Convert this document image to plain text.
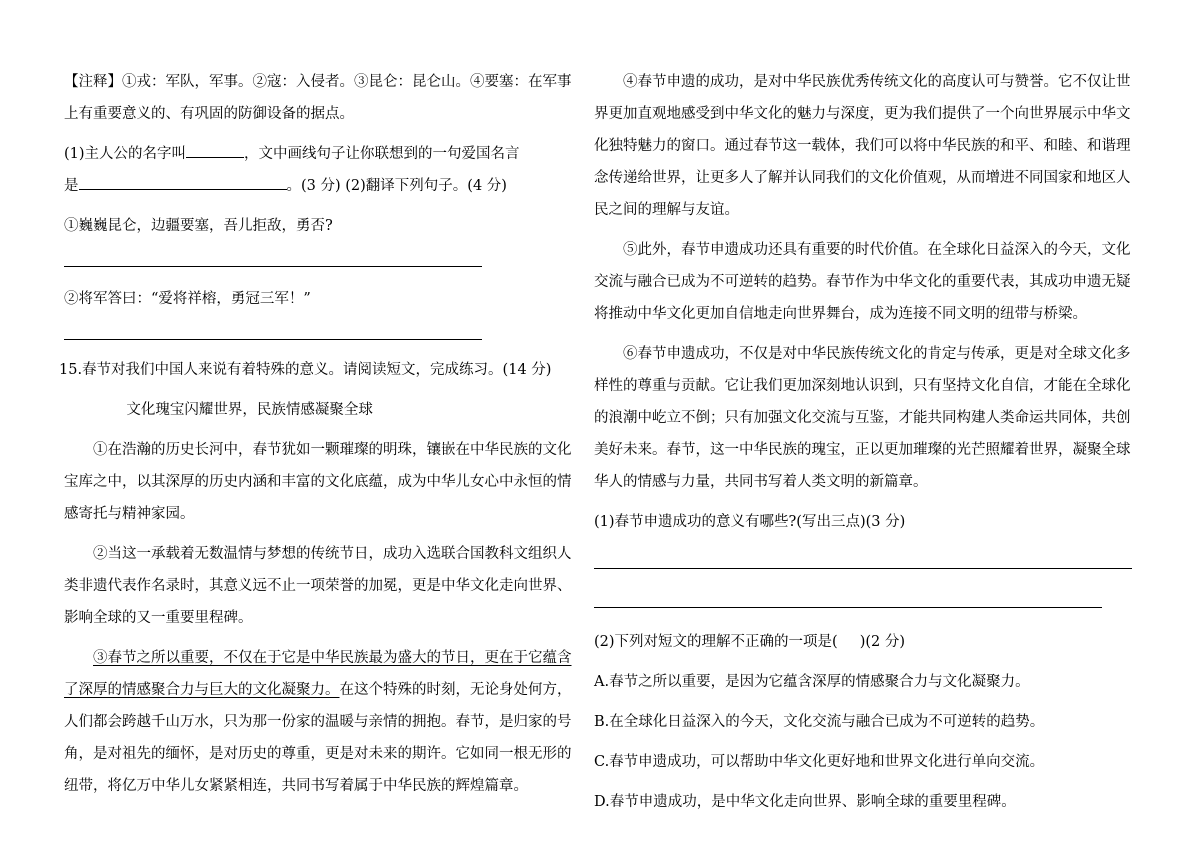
【注释】①戎：军队，军事。②寇：入侵者。③昆仑：昆仑山。④要塞：在军事上有重要意义的、有巩固的防御设备的据点。

(1)主人公的名字叫	，文中画线句子让你联想到的一句爱国名言
是	。(3 分) (2)翻译下列句子。(4 分)

①巍巍昆仑，边疆要塞，吾儿拒敌，勇否?

②将军答曰：“爱将祥榕，勇冠三军！”

15.春节对我们中国人来说有着特殊的意义。请阅读短文，完成练习。(14 分)

文化瑰宝闪耀世界，民族情感凝聚全球

①在浩瀚的历史长河中，春节犹如一颗璀璨的明珠，镶嵌在中华民族的文化宝库之中，以其深厚的历史内涵和丰富的文化底蕴，成为中华儿女心中永恒的情感寄托与精神家园。

②当这一承载着无数温情与梦想的传统节日，成功入选联合国教科文组织人类非遗代表作名录时，其意义远不止一项荣誉的加冕，更是中华文化走向世界、影响全球的又一重要里程碑。

③春节之所以重要，不仅在于它是中华民族最为盛大的节日，更在于它蕴含了深厚的情感聚合力与巨大的文化凝聚力。在这个特殊的时刻，无论身处何方，人们都会跨越千山万水，只为那一份家的温暖与亲情的拥抱。春节，是归家的号角，是对祖先的缅怀，是对历史的尊重，更是对未来的期许。它如同一根无形的纽带，将亿万中华儿女紧紧相连，共同书写着属于中华民族的辉煌篇章。

④春节申遗的成功，是对中华民族优秀传统文化的高度认可与赞誉。它不仅让世界更加直观地感受到中华文化的魅力与深度，更为我们提供了一个向世界展示中华文化独特魅力的窗口。通过春节这一载体，我们可以将中华民族的和平、和睦、和谐理念传递给世界，让更多人了解并认同我们的文化价值观，从而增进不同国家和地区人民之间的理解与友谊。

⑤此外，春节申遗成功还具有重要的时代价值。在全球化日益深入的今天，文化交流与融合已成为不可逆转的趋势。春节作为中华文化的重要代表，其成功申遗无疑将推动中华文化更加自信地走向世界舞台，成为连接不同文明的纽带与桥梁。

⑥春节申遗成功，不仅是对中华民族传统文化的肯定与传承，更是对全球文化多样性的尊重与贡献。它让我们更加深刻地认识到，只有坚持文化自信，才能在全球化的浪潮中屹立不倒；只有加强文化交流与互鉴，才能共同构建人类命运共同体，共创美好未来。春节，这一中华民族的瑰宝，正以更加璀璨的光芒照耀着世界，凝聚全球华人的情感与力量，共同书写着人类文明的新篇章。

(1)春节申遗成功的意义有哪些?(写出三点)(3 分)

(2)下列对短文的理解不正确的一项是( )(2 分)

A.春节之所以重要，是因为它蕴含深厚的情感聚合力与文化凝聚力。

B.在全球化日益深入的今天，文化交流与融合已成为不可逆转的趋势。

C.春节申遗成功，可以帮助中华文化更好地和世界文化进行单向交流。

D.春节申遗成功，是中华文化走向世界、影响全球的重要里程碑。
